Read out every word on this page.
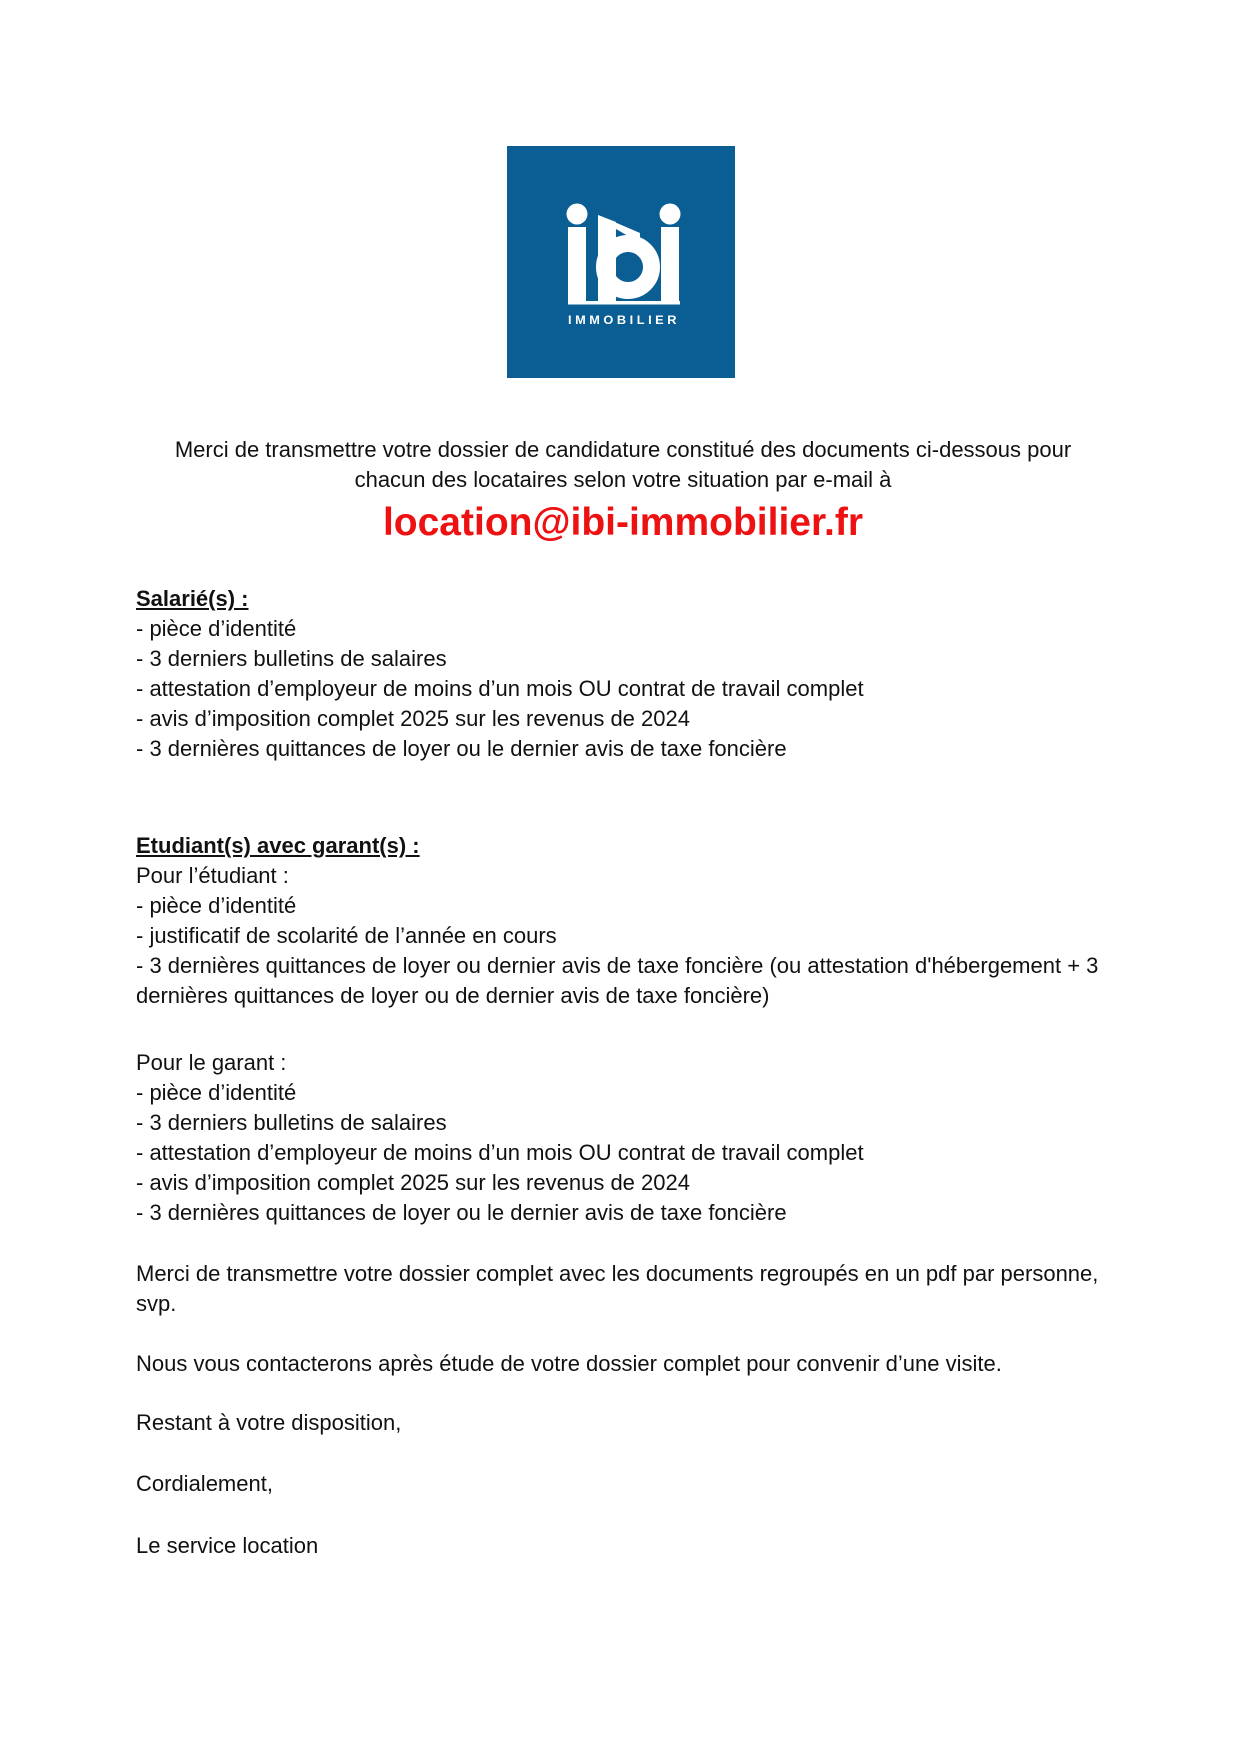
IMMOBILIER
Merci de transmettre votre dossier de candidature constitué des documents ci-dessous pour
chacun des locataires selon votre situation par e-mail à
location@ibi-immobilier.fr
Salarié(s) :
- pièce d’identité
- 3 derniers bulletins de salaires
- attestation d’employeur de moins d’un mois OU contrat de travail complet
- avis d’imposition complet 2025 sur les revenus de 2024
- 3 dernières quittances de loyer ou le dernier avis de taxe foncière
Etudiant(s) avec garant(s) :
Pour l’étudiant :
- pièce d’identité
- justificatif de scolarité de l’année en cours
- 3 dernières quittances de loyer ou dernier avis de taxe foncière (ou attestation d'hébergement + 3 dernières quittances de loyer ou de dernier avis de taxe foncière)
Pour le garant :
- pièce d’identité
- 3 derniers bulletins de salaires
- attestation d’employeur de moins d’un mois OU contrat de travail complet
- avis d’imposition complet 2025 sur les revenus de 2024
- 3 dernières quittances de loyer ou le dernier avis de taxe foncière
Merci de transmettre votre dossier complet avec les documents regroupés en un pdf par personne, svp.
Nous vous contacterons après étude de votre dossier complet pour convenir d’une visite.
Restant à votre disposition,
Cordialement,
Le service location
